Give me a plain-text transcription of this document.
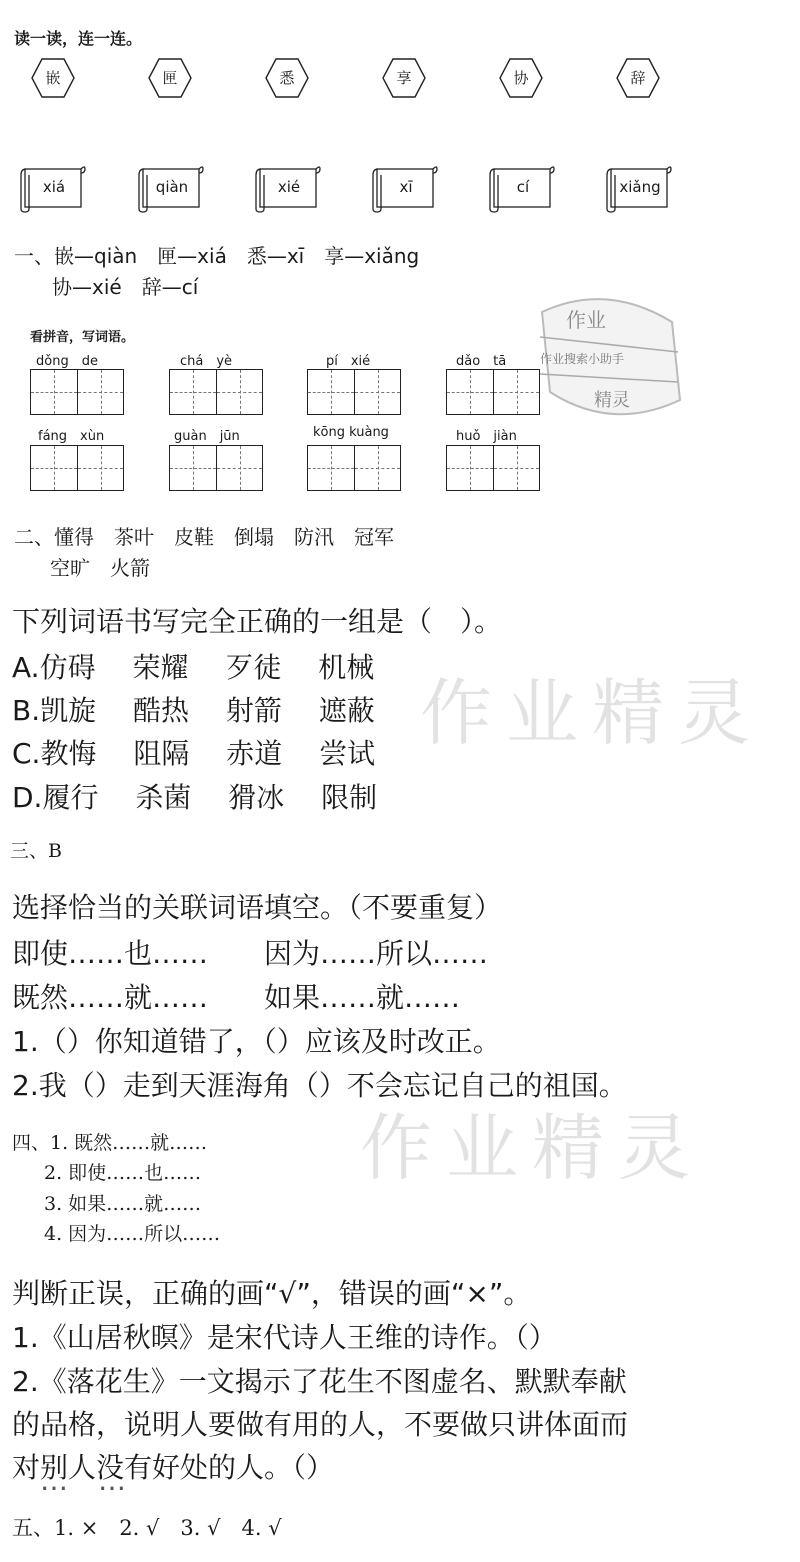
读一读，连一连。
嵌	匣	悉	享	协	辞
xiá	qiàn	xié	xī	cí	xiǎng
一、嵌—qiàn　匣—xiá　悉—xī　享—xiǎng
协—xié　辞—cí
作业
作业搜索小助手
精灵
看拼音，写词语。
dǒng　de	chá　yè	pí　xié	dǎo　tā
fáng　xùn	guàn　jūn	kōng kuàng	huǒ　jiàn
二、懂得　茶叶　皮鞋　倒塌　防汛　冠军
空旷　火箭
作业精灵
下列词语书写完全正确的一组是（　）。
A.仿碍　 荣耀　 歹徒　 机械
B.凯旋　 酷热　 射箭　 遮蔽
C.教悔　 阻隔　 赤道　 尝试
D.履行　 杀菌　 猾冰　 限制
三、B
作业精灵
选择恰当的关联词语填空。（不要重复）
即使……也……　　因为……所以……
既然……就……　　如果……就……
1.（）你知道错了，（）应该及时改正。
2.我（）走到天涯海角（）不会忘记自己的祖国。
四、1. 既然……就……
2. 即使……也……
3. 如果……就……
4. 因为……所以……
判断正误，正确的画“√”，错误的画“×”。
1.《山居秋暝》是宋代诗人王维的诗作。（）
2.《落花生》一文揭示了花生不图虚名、默默奉献
的品格，说明人要做有用的人，不要做只讲体面而
对别人没有好处的人。（）
五、1. ×　2. √　3. √　4. √
